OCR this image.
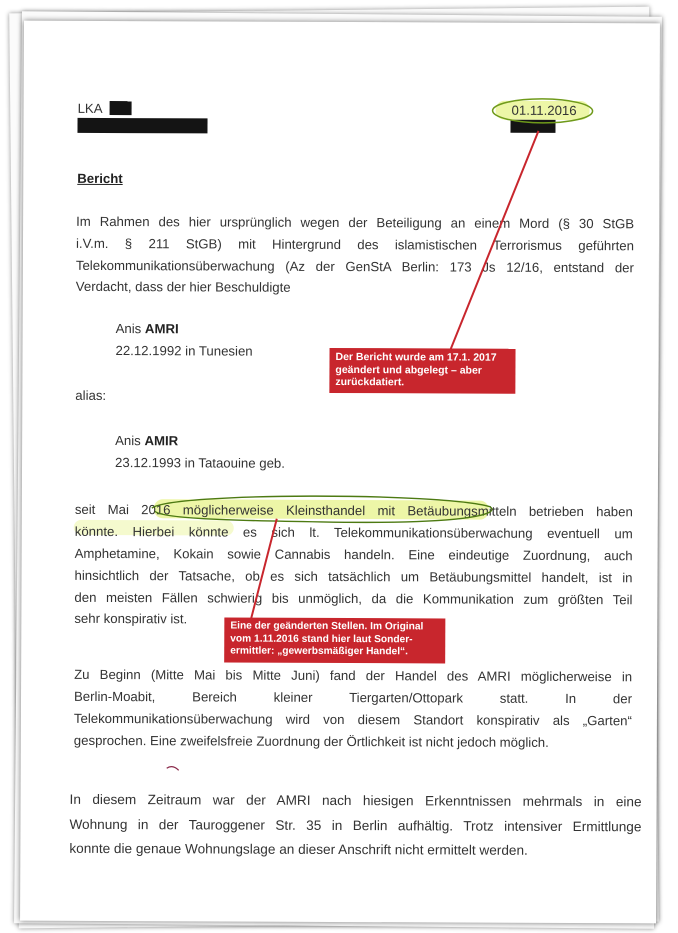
LKA	01.11.2016
Bericht
Im Rahmen des hier ursprünglich wegen der Beteiligung an einem Mord (§ 30 StGB
i.V.m. § 211 StGB) mit Hintergrund des islamistischen Terrorismus geführten
Telekommunikationsüberwachung (Az der GenStA Berlin: 173 Js 12/16, entstand der
Verdacht, dass der hier Beschuldigte
Anis AMRI
22.12.1992 in Tunesien
alias:
Anis AMIR
23.12.1993 in Tataouine geb.
seit Mai 2016 möglicherweise Kleinsthandel mit Betäubungsmitteln betrieben haben
könnte. Hierbei könnte es sich lt. Telekommunikationsüberwachung eventuell um
Amphetamine, Kokain sowie Cannabis handeln. Eine eindeutige Zuordnung, auch
hinsichtlich der Tatsache, ob es sich tatsächlich um Betäubungsmittel handelt, ist in
den meisten Fällen schwierig bis unmöglich, da die Kommunikation zum größten Teil
sehr konspirativ ist.
Zu Beginn (Mitte Mai bis Mitte Juni) fand der Handel des AMRI möglicherweise in
Berlin-Moabit, Bereich kleiner Tiergarten/Ottopark statt. In der
Telekommunikationsüberwachung wird von diesem Standort konspirativ als „Garten“
gesprochen. Eine zweifelsfreie Zuordnung der Örtlichkeit ist nicht jedoch möglich.
In diesem Zeitraum war der AMRI nach hiesigen Erkenntnissen mehrmals in eine
Wohnung in der Tauroggener Str. 35 in Berlin aufhältig. Trotz intensiver Ermittlunge
konnte die genaue Wohnungslage an dieser Anschrift nicht ermittelt werden.
Der Bericht wurde am 17.1. 2017
geändert und abgelegt – aber
zurückdatiert.
Eine der geänderten Stellen. Im Original
vom 1.11.2016 stand hier laut Sonder-
ermittler: „gewerbsmäßiger Handel“.
